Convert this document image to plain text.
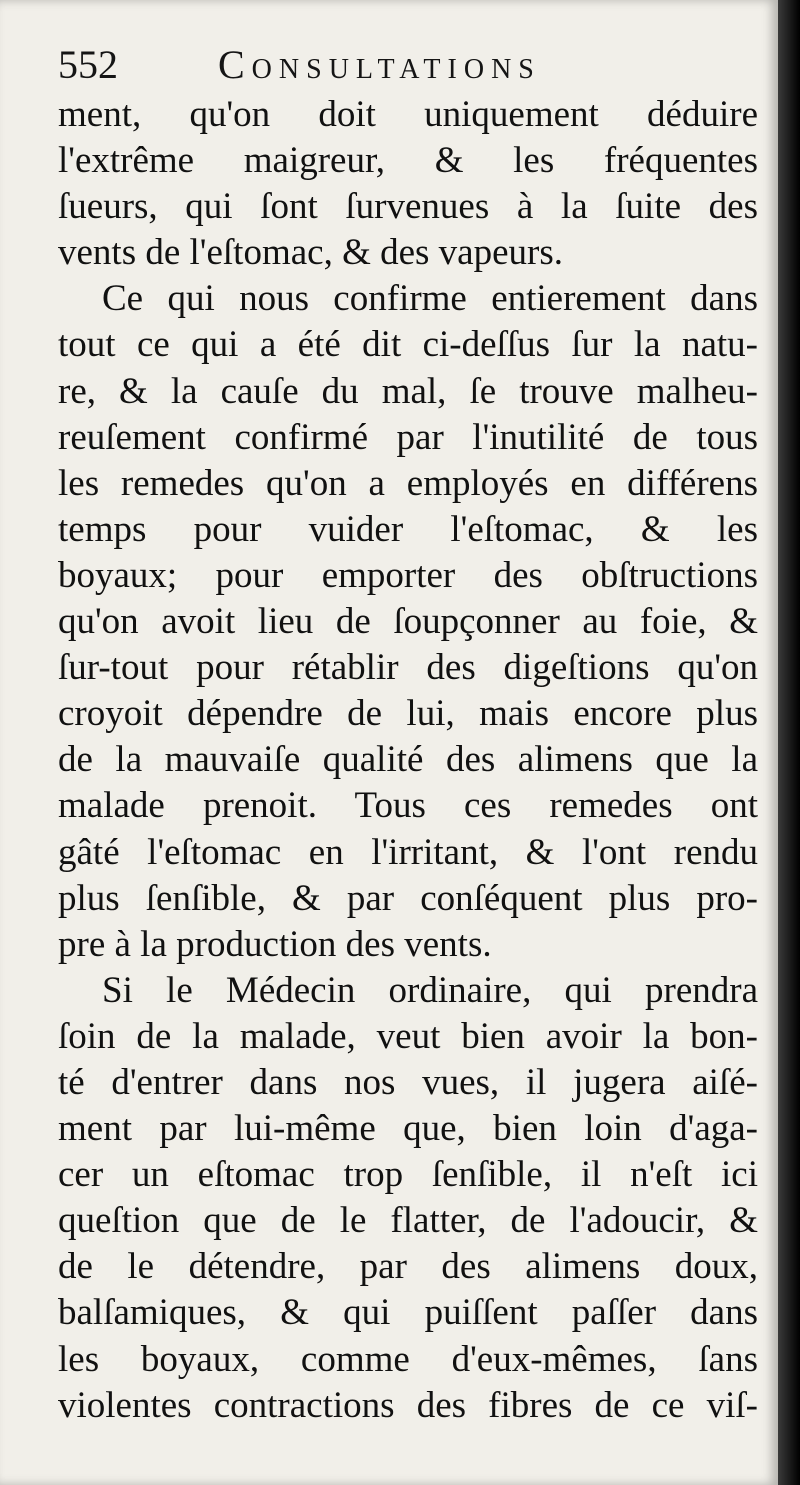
552	Consultations
ment, qu'on doit uniquement déduire
l'extrême maigreur, & les fréquentes
ſueurs, qui ſont ſurvenues à la ſuite des
vents de l'eſtomac, & des vapeurs.
Ce qui nous confirme entierement dans
tout ce qui a été dit ci-deſſus ſur la natu-
re, & la cauſe du mal, ſe trouve malheu-
reuſement confirmé par l'inutilité de tous
les remedes qu'on a employés en différens
temps pour vuider l'eſtomac, & les
boyaux; pour emporter des obſtructions
qu'on avoit lieu de ſoupçonner au foie, &
ſur-tout pour rétablir des digeſtions qu'on
croyoit dépendre de lui, mais encore plus
de la mauvaiſe qualité des alimens que la
malade prenoit. Tous ces remedes ont
gâté l'eſtomac en l'irritant, & l'ont rendu
plus ſenſible, & par conſéquent plus pro-
pre à la production des vents.
Si le Médecin ordinaire, qui prendra
ſoin de la malade, veut bien avoir la bon-
té d'entrer dans nos vues, il jugera aiſé-
ment par lui-même que, bien loin d'aga-
cer un eſtomac trop ſenſible, il n'eſt ici
queſtion que de le flatter, de l'adoucir, &
de le détendre, par des alimens doux,
balſamiques, & qui puiſſent paſſer dans
les boyaux, comme d'eux-mêmes, ſans
violentes contractions des fibres de ce viſ-
